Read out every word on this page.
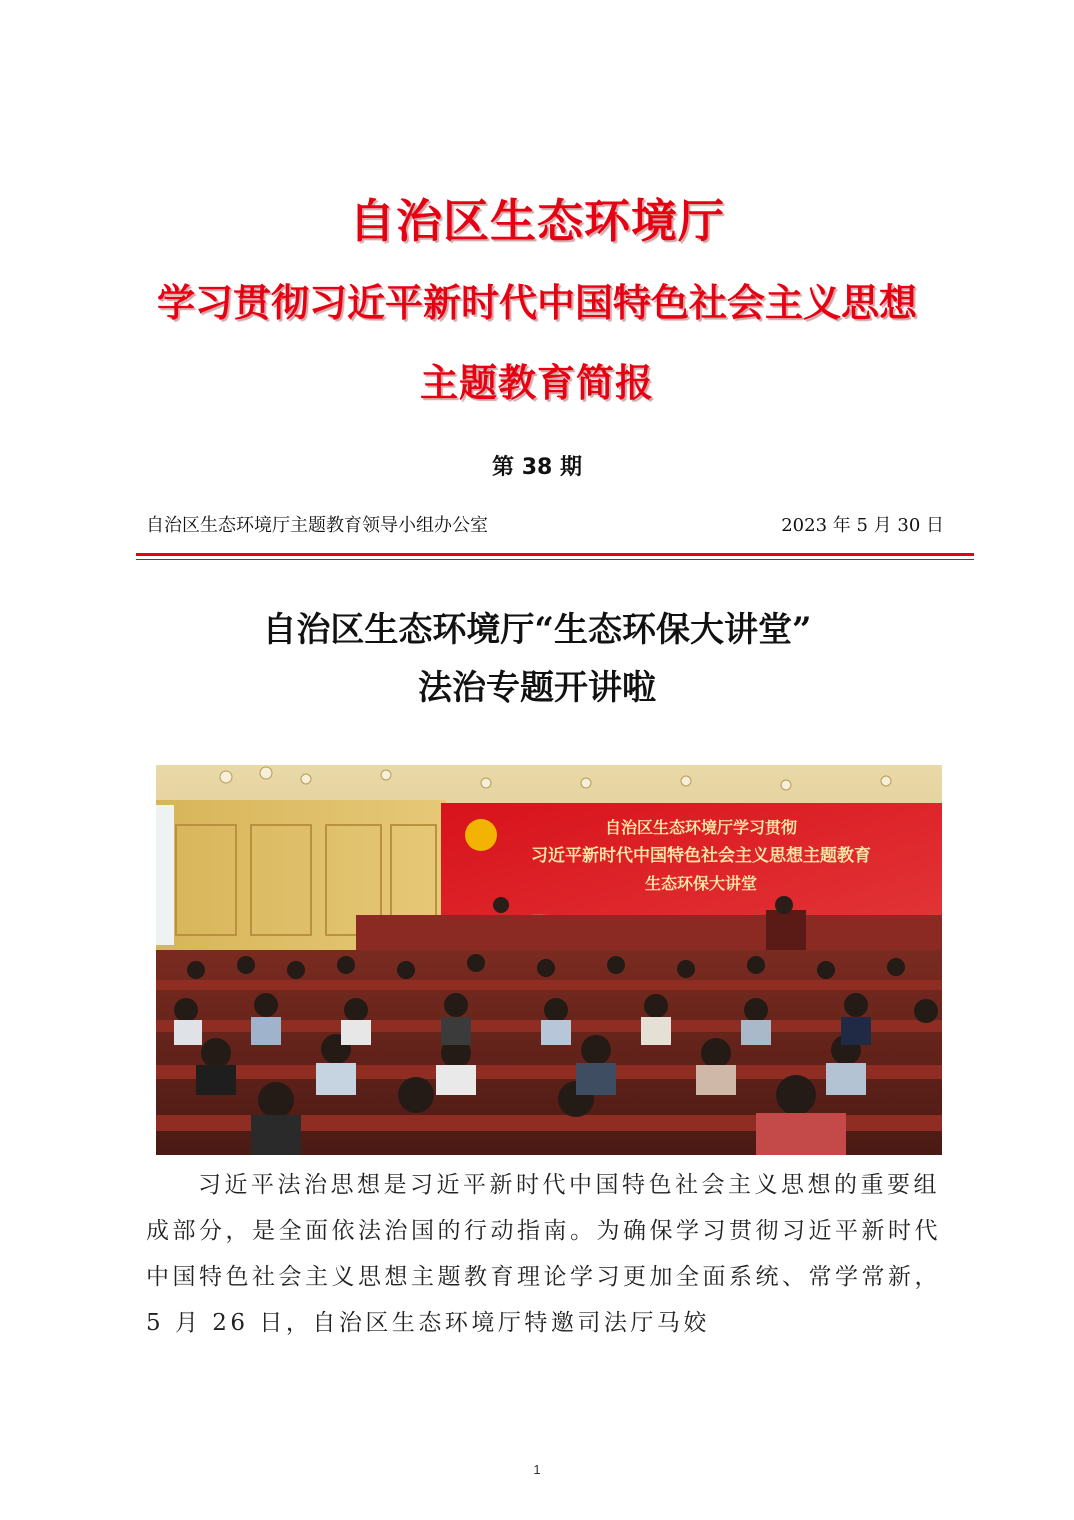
自治区生态环境厅
学习贯彻习近平新时代中国特色社会主义思想
主题教育简报
第 38 期
自治区生态环境厅主题教育领导小组办公室	2023 年 5 月 30 日
自治区生态环境厅“生态环保大讲堂”
法治专题开讲啦
自治区生态环境厅学习贯彻
习近平新时代中国特色社会主义思想主题教育
生态环保大讲堂

习近平法治思想是习近平新时代中国特色社会主义思想的重要组成部分，是全面依法治国的行动指南。为确保学习贯彻习近平新时代中国特色社会主义思想主题教育理论学习更加全面系统、常学常新，5 月 26 日，自治区生态环境厅特邀司法厅马姣

1
